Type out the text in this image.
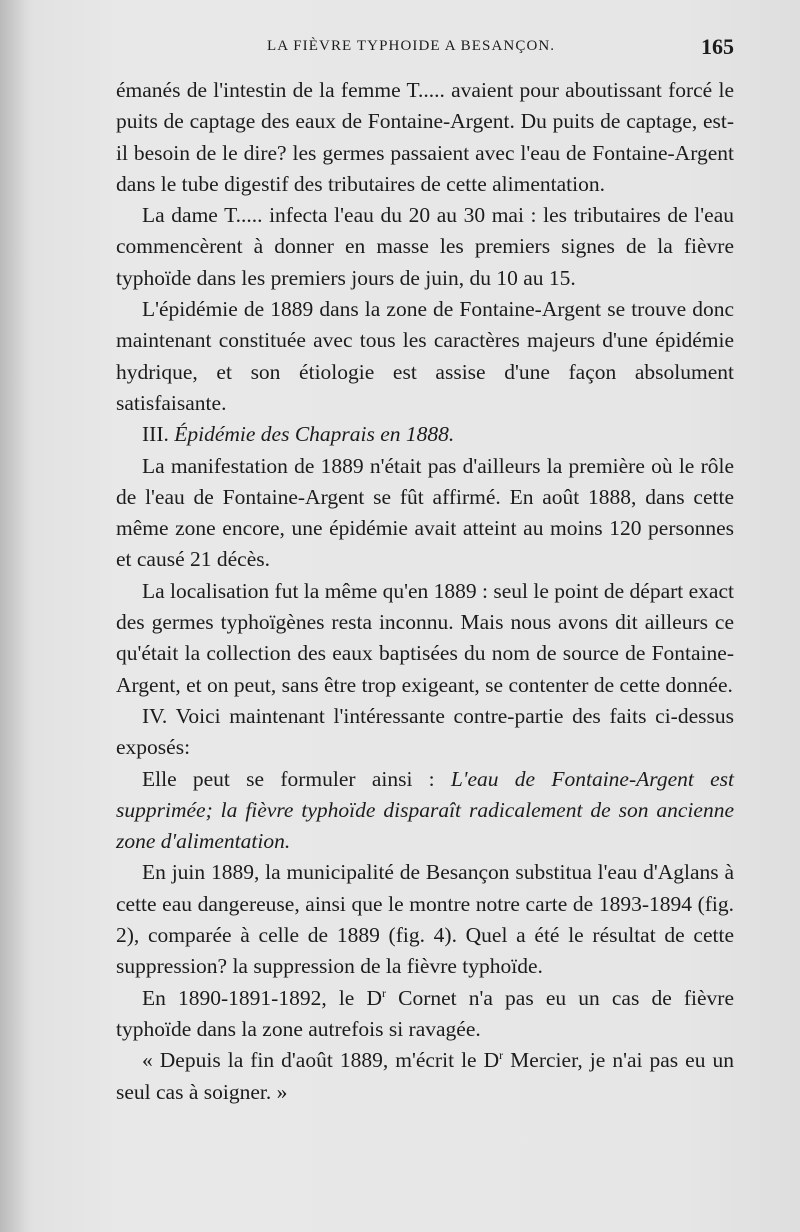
LA FIÈVRE TYPHOIDE A BESANÇON.	165

émanés de l'intestin de la femme T..... avaient pour aboutissant forcé le puits de captage des eaux de Fontaine-Argent. Du puits de captage, est-il besoin de le dire? les germes passaient avec l'eau de Fontaine-Argent dans le tube digestif des tributaires de cette alimentation.

La dame T..... infecta l'eau du 20 au 30 mai : les tributaires de l'eau commencèrent à donner en masse les premiers signes de la fièvre typhoïde dans les premiers jours de juin, du 10 au 15.

L'épidémie de 1889 dans la zone de Fontaine-Argent se trouve donc maintenant constituée avec tous les caractères majeurs d'une épidémie hydrique, et son étiologie est assise d'une façon absolument satisfaisante.

III. Épidémie des Chaprais en 1888.

La manifestation de 1889 n'était pas d'ailleurs la première où le rôle de l'eau de Fontaine-Argent se fût affirmé. En août 1888, dans cette même zone encore, une épidémie avait atteint au moins 120 personnes et causé 21 décès.

La localisation fut la même qu'en 1889 : seul le point de départ exact des germes typhoïgènes resta inconnu. Mais nous avons dit ailleurs ce qu'était la collection des eaux baptisées du nom de source de Fontaine-Argent, et on peut, sans être trop exigeant, se contenter de cette donnée.

IV. Voici maintenant l'intéressante contre-partie des faits ci-dessus exposés:

Elle peut se formuler ainsi : L'eau de Fontaine-Argent est supprimée; la fièvre typhoïde disparaît radicalement de son ancienne zone d'alimentation.

En juin 1889, la municipalité de Besançon substitua l'eau d'Aglans à cette eau dangereuse, ainsi que le montre notre carte de 1893-1894 (fig. 2), comparée à celle de 1889 (fig. 4). Quel a été le résultat de cette suppression? la suppression de la fièvre typhoïde.

En 1890-1891-1892, le $D^r$ Cornet n'a pas eu un cas de fièvre typhoïde dans la zone autrefois si ravagée.

« Depuis la fin d'août 1889, m'écrit le $D^r$ Mercier, je n'ai pas eu un seul cas à soigner. »
